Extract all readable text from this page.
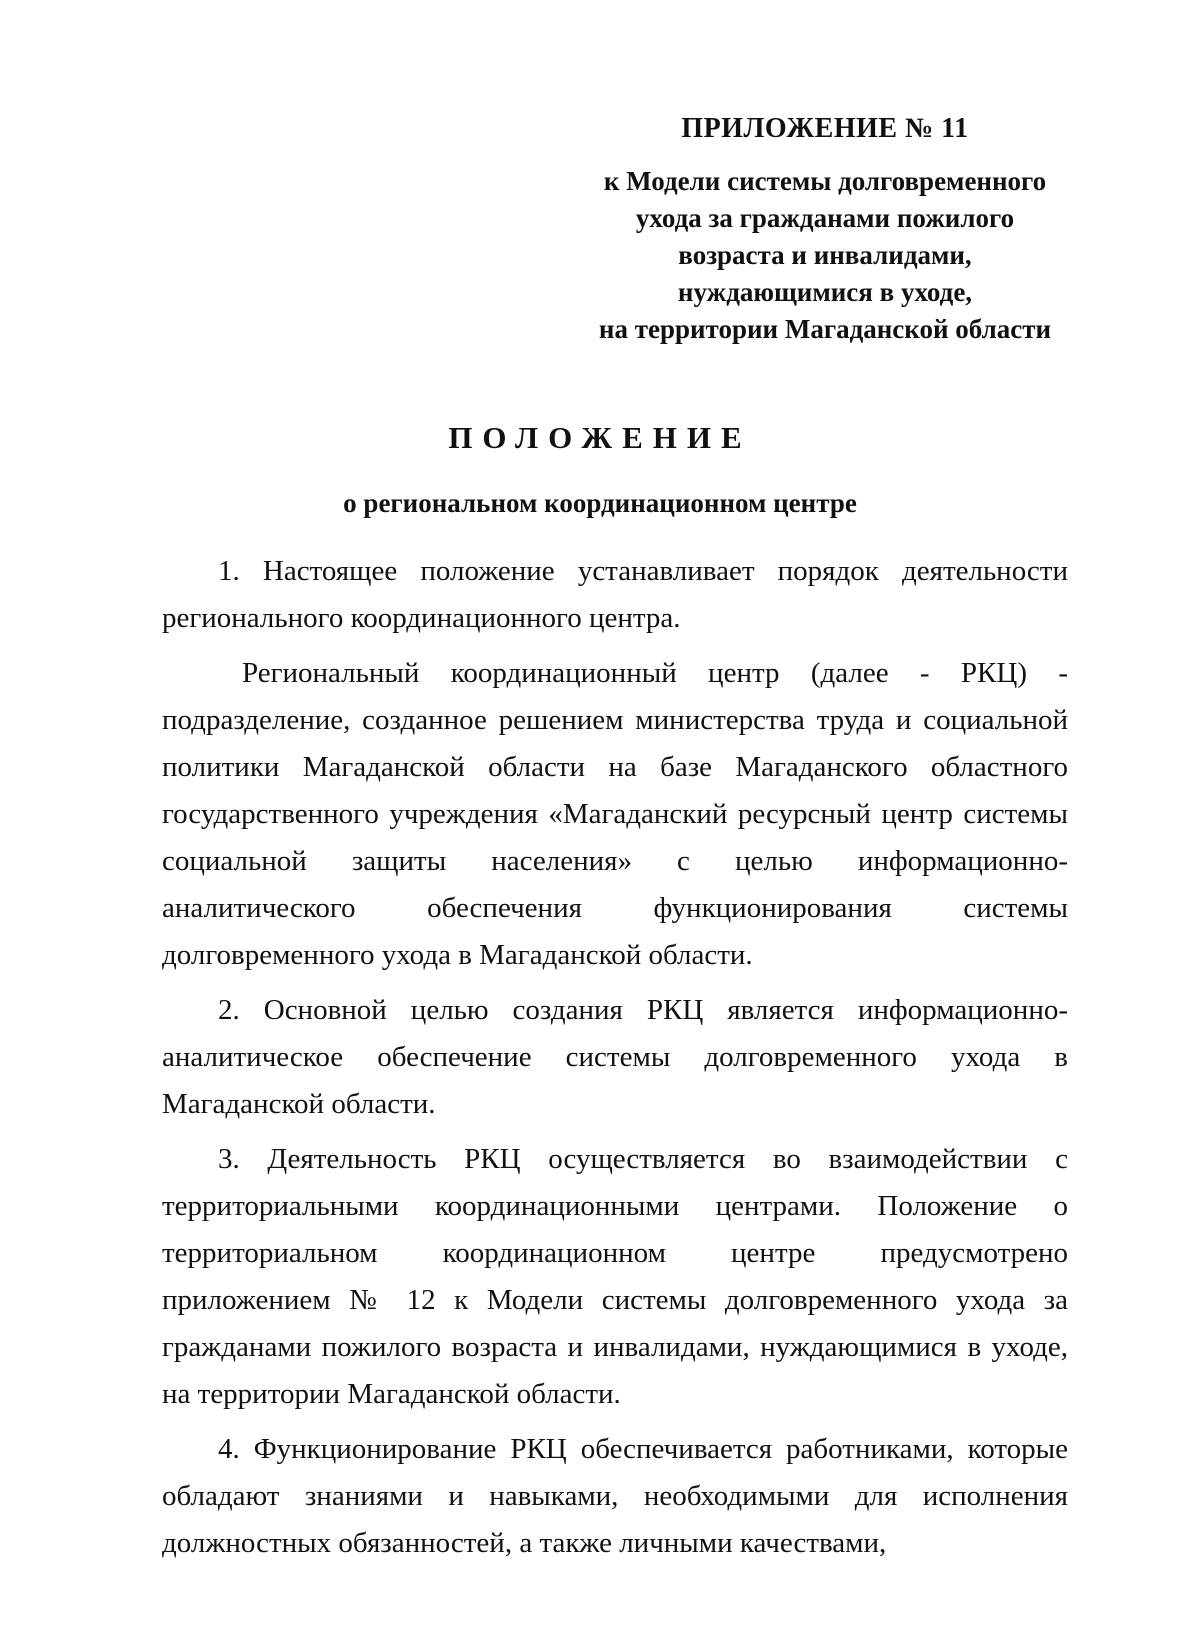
ПРИЛОЖЕНИЕ № 11
к Модели системы долговременного
ухода за гражданами пожилого
возраста и инвалидами,
нуждающимися в уходе,
на территории Магаданской области
ПОЛОЖЕНИЕ
о региональном координационном центре

1. Настоящее положение устанавливает порядок деятельности регионального координационного центра.

Региональный координационный центр (далее - РКЦ) - подразделение, созданное решением министерства труда и социальной политики Магаданской области на базе Магаданского областного государственного учреждения «Магаданский ресурсный центр системы социальной защиты населения» с целью информационно-аналитического обеспечения функционирования системы долговременного ухода в Магаданской области.

2. Основной целью создания РКЦ является информационно-аналитическое обеспечение системы долговременного ухода в Магаданской области.

3. Деятельность РКЦ осуществляется во взаимодействии с территориальными координационными центрами. Положение о территориальном координационном центре предусмотрено приложением № 12 к Модели системы долговременного ухода за гражданами пожилого возраста и инвалидами, нуждающимися в уходе, на территории Магаданской области.

4. Функционирование РКЦ обеспечивается работниками, которые обладают знаниями и навыками, необходимыми для исполнения должностных обязанностей, а также личными качествами,
